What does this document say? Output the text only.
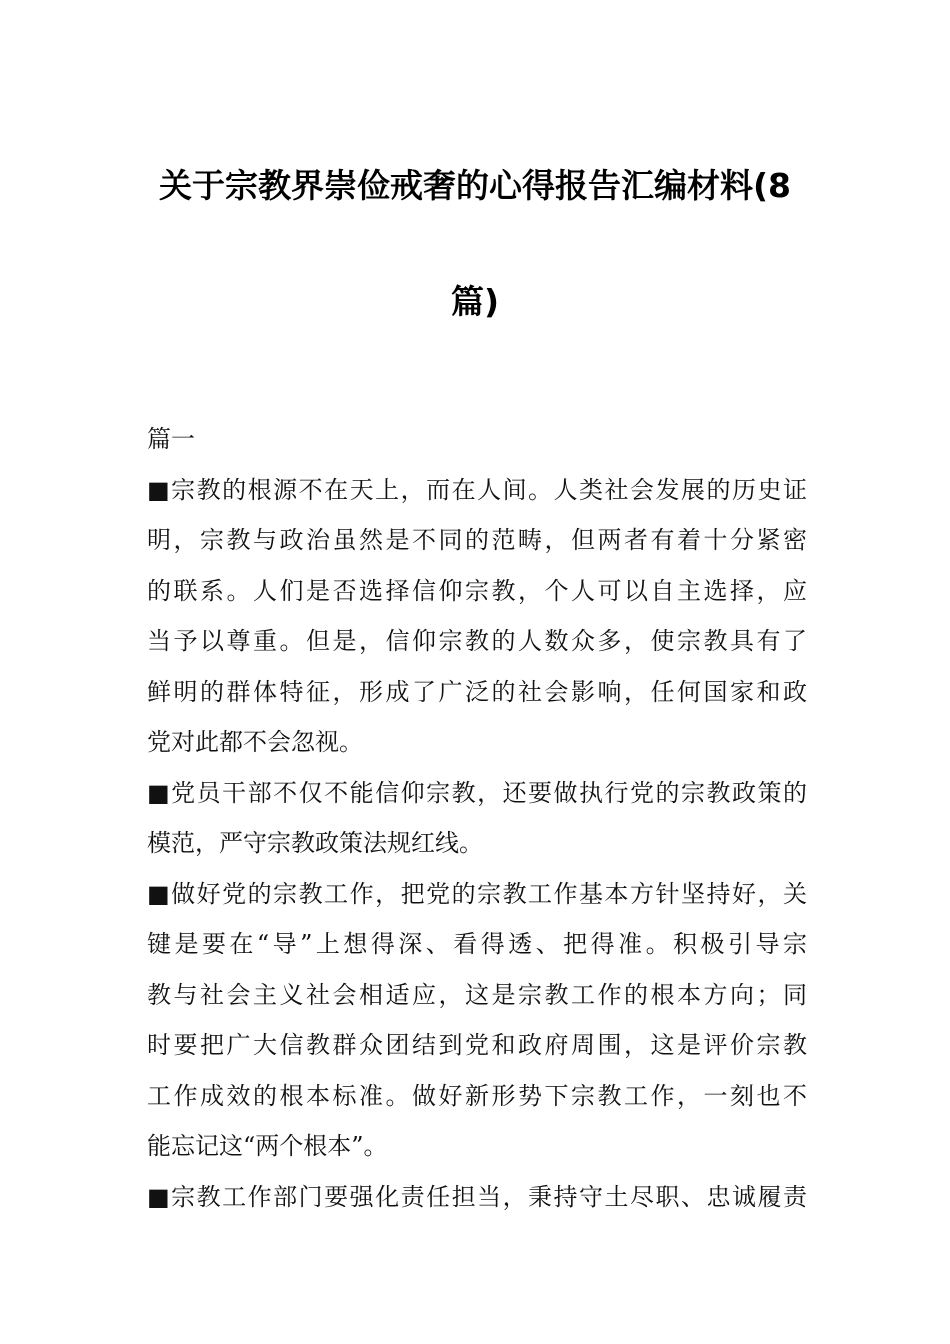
关于宗教界崇俭戒奢的心得报告汇编材料(8
篇)

篇一

■宗教的根源不在天上，而在人间。人类社会发展的历史证
明，宗教与政治虽然是不同的范畴，但两者有着十分紧密
的联系。人们是否选择信仰宗教，个人可以自主选择，应
当予以尊重。但是，信仰宗教的人数众多，使宗教具有了
鲜明的群体特征，形成了广泛的社会影响，任何国家和政
党对此都不会忽视。

■党员干部不仅不能信仰宗教，还要做执行党的宗教政策的
模范，严守宗教政策法规红线。

■做好党的宗教工作，把党的宗教工作基本方针坚持好，关
键是要在“导”上想得深、看得透、把得准。积极引导宗
教与社会主义社会相适应，这是宗教工作的根本方向；同
时要把广大信教群众团结到党和政府周围，这是评价宗教
工作成效的根本标准。做好新形势下宗教工作，一刻也不
能忘记这“两个根本”。

■宗教工作部门要强化责任担当，秉持守土尽职、忠诚履责
